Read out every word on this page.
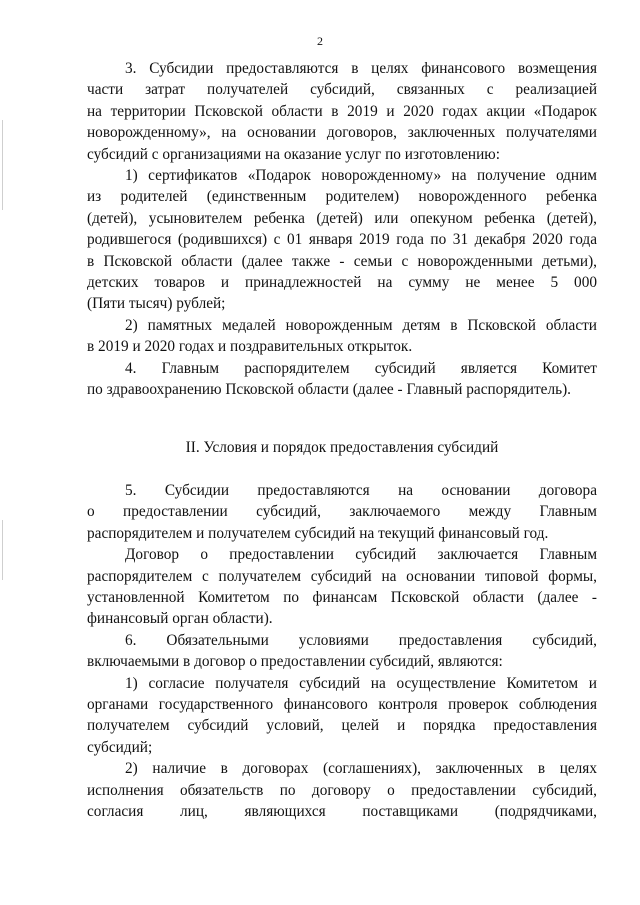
2
3. Субсидии предоставляются в целях финансового возмещения
части затрат получателей субсидий, связанных с реализацией
на территории Псковской области в 2019 и 2020 годах акции «Подарок
новорожденному», на основании договоров, заключенных получателями
субсидий с организациями на оказание услуг по изготовлению:
1) сертификатов «Подарок новорожденному» на получение одним
из родителей (единственным родителем) новорожденного ребенка
(детей), усыновителем ребенка (детей) или опекуном ребенка (детей),
родившегося (родившихся) с 01 января 2019 года по 31 декабря 2020 года
в Псковской области (далее также - семьи с новорожденными детьми),
детских товаров и принадлежностей на сумму не менее 5 000
(Пяти тысяч) рублей;
2) памятных медалей новорожденным детям в Псковской области
в 2019 и 2020 годах и поздравительных открыток.
4. Главным распорядителем субсидий является Комитет
по здравоохранению Псковской области (далее - Главный распорядитель).
II. Условия и порядок предоставления субсидий
5. Субсидии предоставляются на основании договора
о предоставлении субсидий, заключаемого между Главным
распорядителем и получателем субсидий на текущий финансовый год.
Договор о предоставлении субсидий заключается Главным
распорядителем с получателем субсидий на основании типовой формы,
установленной Комитетом по финансам Псковской области (далее -
финансовый орган области).
6. Обязательными условиями предоставления субсидий,
включаемыми в договор о предоставлении субсидий, являются:
1) согласие получателя субсидий на осуществление Комитетом и
органами государственного финансового контроля проверок соблюдения
получателем субсидий условий, целей и порядка предоставления
субсидий;
2) наличие в договорах (соглашениях), заключенных в целях
исполнения обязательств по договору о предоставлении субсидий,
согласия лиц, являющихся поставщиками (подрядчиками,
